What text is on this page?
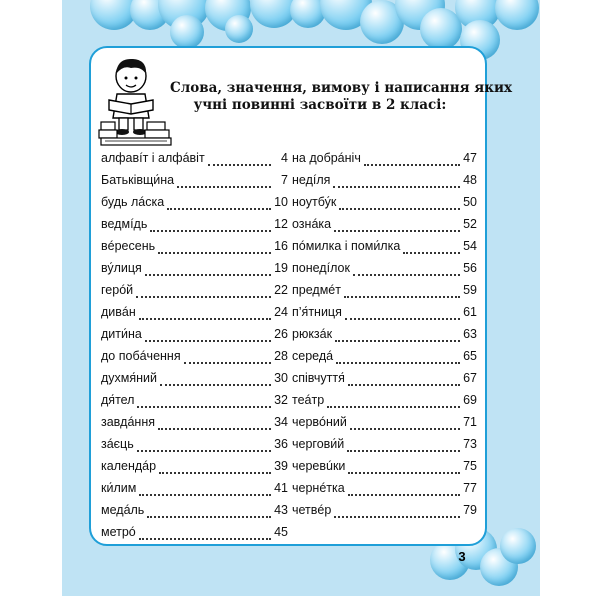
Слова, значення, вимову і написання яких
учні повинні засвоїти в 2 класі:
алфавíт і алфáвіт	4
Батьківщи́на	7
будь лáска	10
ведмíдь	12
вéресень	16
ву́лиця	19
герóй	22
дивáн	24
дити́на	26
до побáчення	28
духмя́ний	30
дя́тел	32
завдáння	34
зáєць	36
календáр	39
ки́лим	41
медáль	43
метрó	45
на добрáніч	47
недíля	48
ноутбу́к	50
ознáка	52
пóмилка і поми́лка	54
понедíлок	56
предмéт	59
п’я́тниця	61
рюкзáк	63
середá	65
співчуття́	67
теáтр	69
червóний	71
чергови́й	73
черевúки	75
чернéтка	77
четвéр	79
3
